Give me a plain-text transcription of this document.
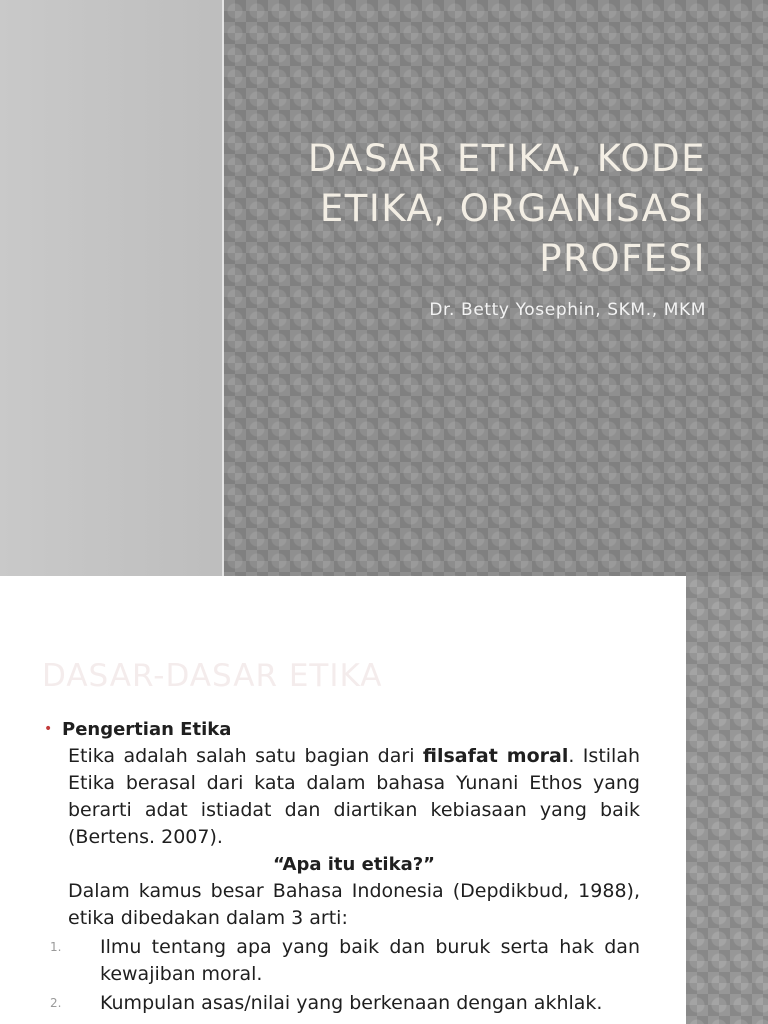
DASAR ETIKA, KODE
ETIKA, ORGANISASI
PROFESI
Dr. Betty Yosephin, SKM., MKM
DASAR-DASAR ETIKA
• Pengertian Etika

Etika adalah salah satu bagian dari filsafat moral. Istilah Etika berasal dari kata dalam bahasa Yunani Ethos yang berarti adat istiadat dan diartikan kebiasaan yang baik (Bertens. 2007).

“Apa itu etika?”

Dalam kamus besar Bahasa Indonesia (Depdikbud, 1988), etika dibedakan dalam 3 arti:

1.	Ilmu tentang apa yang baik dan buruk serta hak dan kewajiban moral.
2.	Kumpulan asas/nilai yang berkenaan dengan akhlak.
